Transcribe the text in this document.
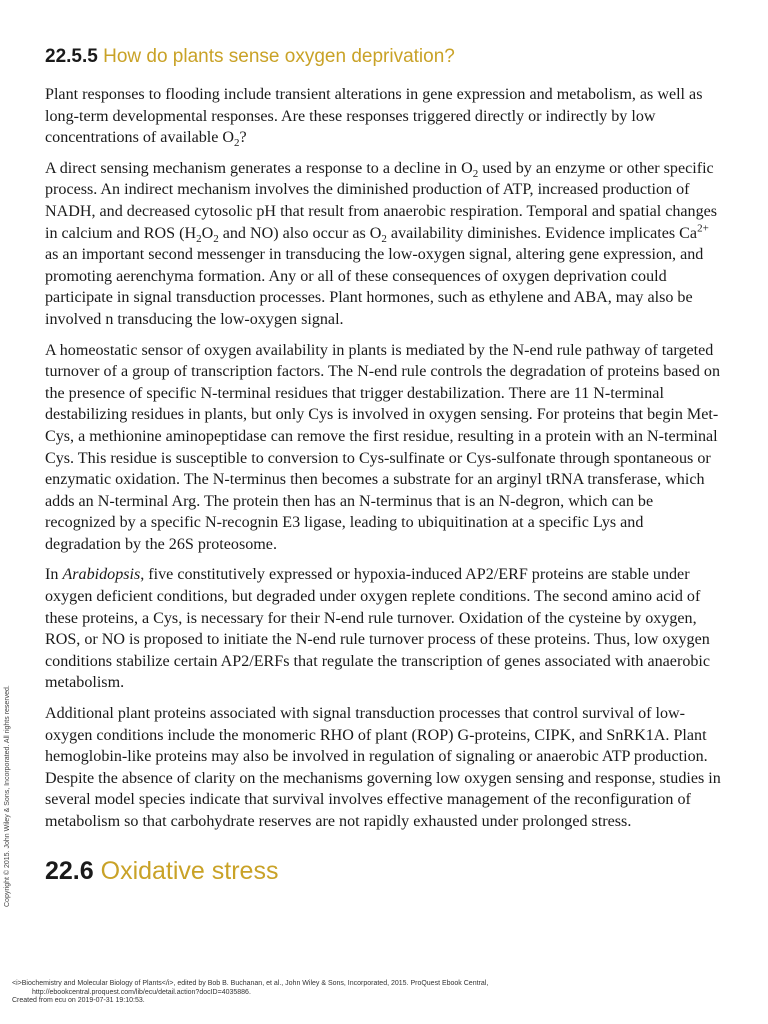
22.5.5 How do plants sense oxygen deprivation?

Plant responses to flooding include transient alterations in gene expression and metabolism, as well as long-term developmental responses. Are these responses triggered directly or indirectly by low concentrations of available $O_2$?

A direct sensing mechanism generates a response to a decline in $O_2$ used by an enzyme or other specific process. An indirect mechanism involves the diminished production of ATP, increased production of NADH, and decreased cytosolic pH that result from anaerobic respiration. Temporal and spatial changes in calcium and ROS ($H_2O_2$ and NO) also occur as $O_2$ availability diminishes. Evidence implicates $Ca^{2+}$ as an important second messenger in transducing the low-oxygen signal, altering gene expression, and promoting aerenchyma formation. Any or all of these consequences of oxygen deprivation could participate in signal transduction processes. Plant hormones, such as ethylene and ABA, may also be involved n transducing the low-oxygen signal.

A homeostatic sensor of oxygen availability in plants is mediated by the N-end rule pathway of targeted turnover of a group of transcription factors. The N-end rule controls the degradation of proteins based on the presence of specific N-terminal residues that trigger destabilization. There are 11 N-terminal destabilizing residues in plants, but only Cys is involved in oxygen sensing. For proteins that begin Met-Cys, a methionine aminopeptidase can remove the first residue, resulting in a protein with an N-terminal Cys. This residue is susceptible to conversion to Cys-sulfinate or Cys-sulfonate through spontaneous or enzymatic oxidation. The N-terminus then becomes a substrate for an arginyl tRNA transferase, which adds an N-terminal Arg. The protein then has an N-terminus that is an N-degron, which can be recognized by a specific N-recognin E3 ligase, leading to ubiquitination at a specific Lys and degradation by the 26S proteosome.

In Arabidopsis, five constitutively expressed or hypoxia-induced AP2/ERF proteins are stable under oxygen deficient conditions, but degraded under oxygen replete conditions. The second amino acid of these proteins, a Cys, is necessary for their N-end rule turnover. Oxidation of the cysteine by oxygen, ROS, or NO is proposed to initiate the N-end rule turnover process of these proteins. Thus, low oxygen conditions stabilize certain AP2/ERFs that regulate the transcription of genes associated with anaerobic metabolism.

Additional plant proteins associated with signal transduction processes that control survival of low-oxygen conditions include the monomeric RHO of plant (ROP) G-proteins, CIPK, and SnRK1A. Plant hemoglobin-like proteins may also be involved in regulation of signaling or anaerobic ATP production. Despite the absence of clarity on the mechanisms governing low oxygen sensing and response, studies in several model species indicate that survival involves effective management of the reconfiguration of metabolism so that carbohydrate reserves are not rapidly exhausted under prolonged stress.

22.6 Oxidative stress
Copyright © 2015. John Wiley & Sons, Incorporated. All rights reserved.
<i>Biochemistry and Molecular Biology of Plants</i>, edited by Bob B. Buchanan, et al., John Wiley & Sons, Incorporated, 2015. ProQuest Ebook Central,
http://ebookcentral.proquest.com/lib/ecu/detail.action?docID=4035886.
Created from ecu on 2019-07-31 19:10:53.
